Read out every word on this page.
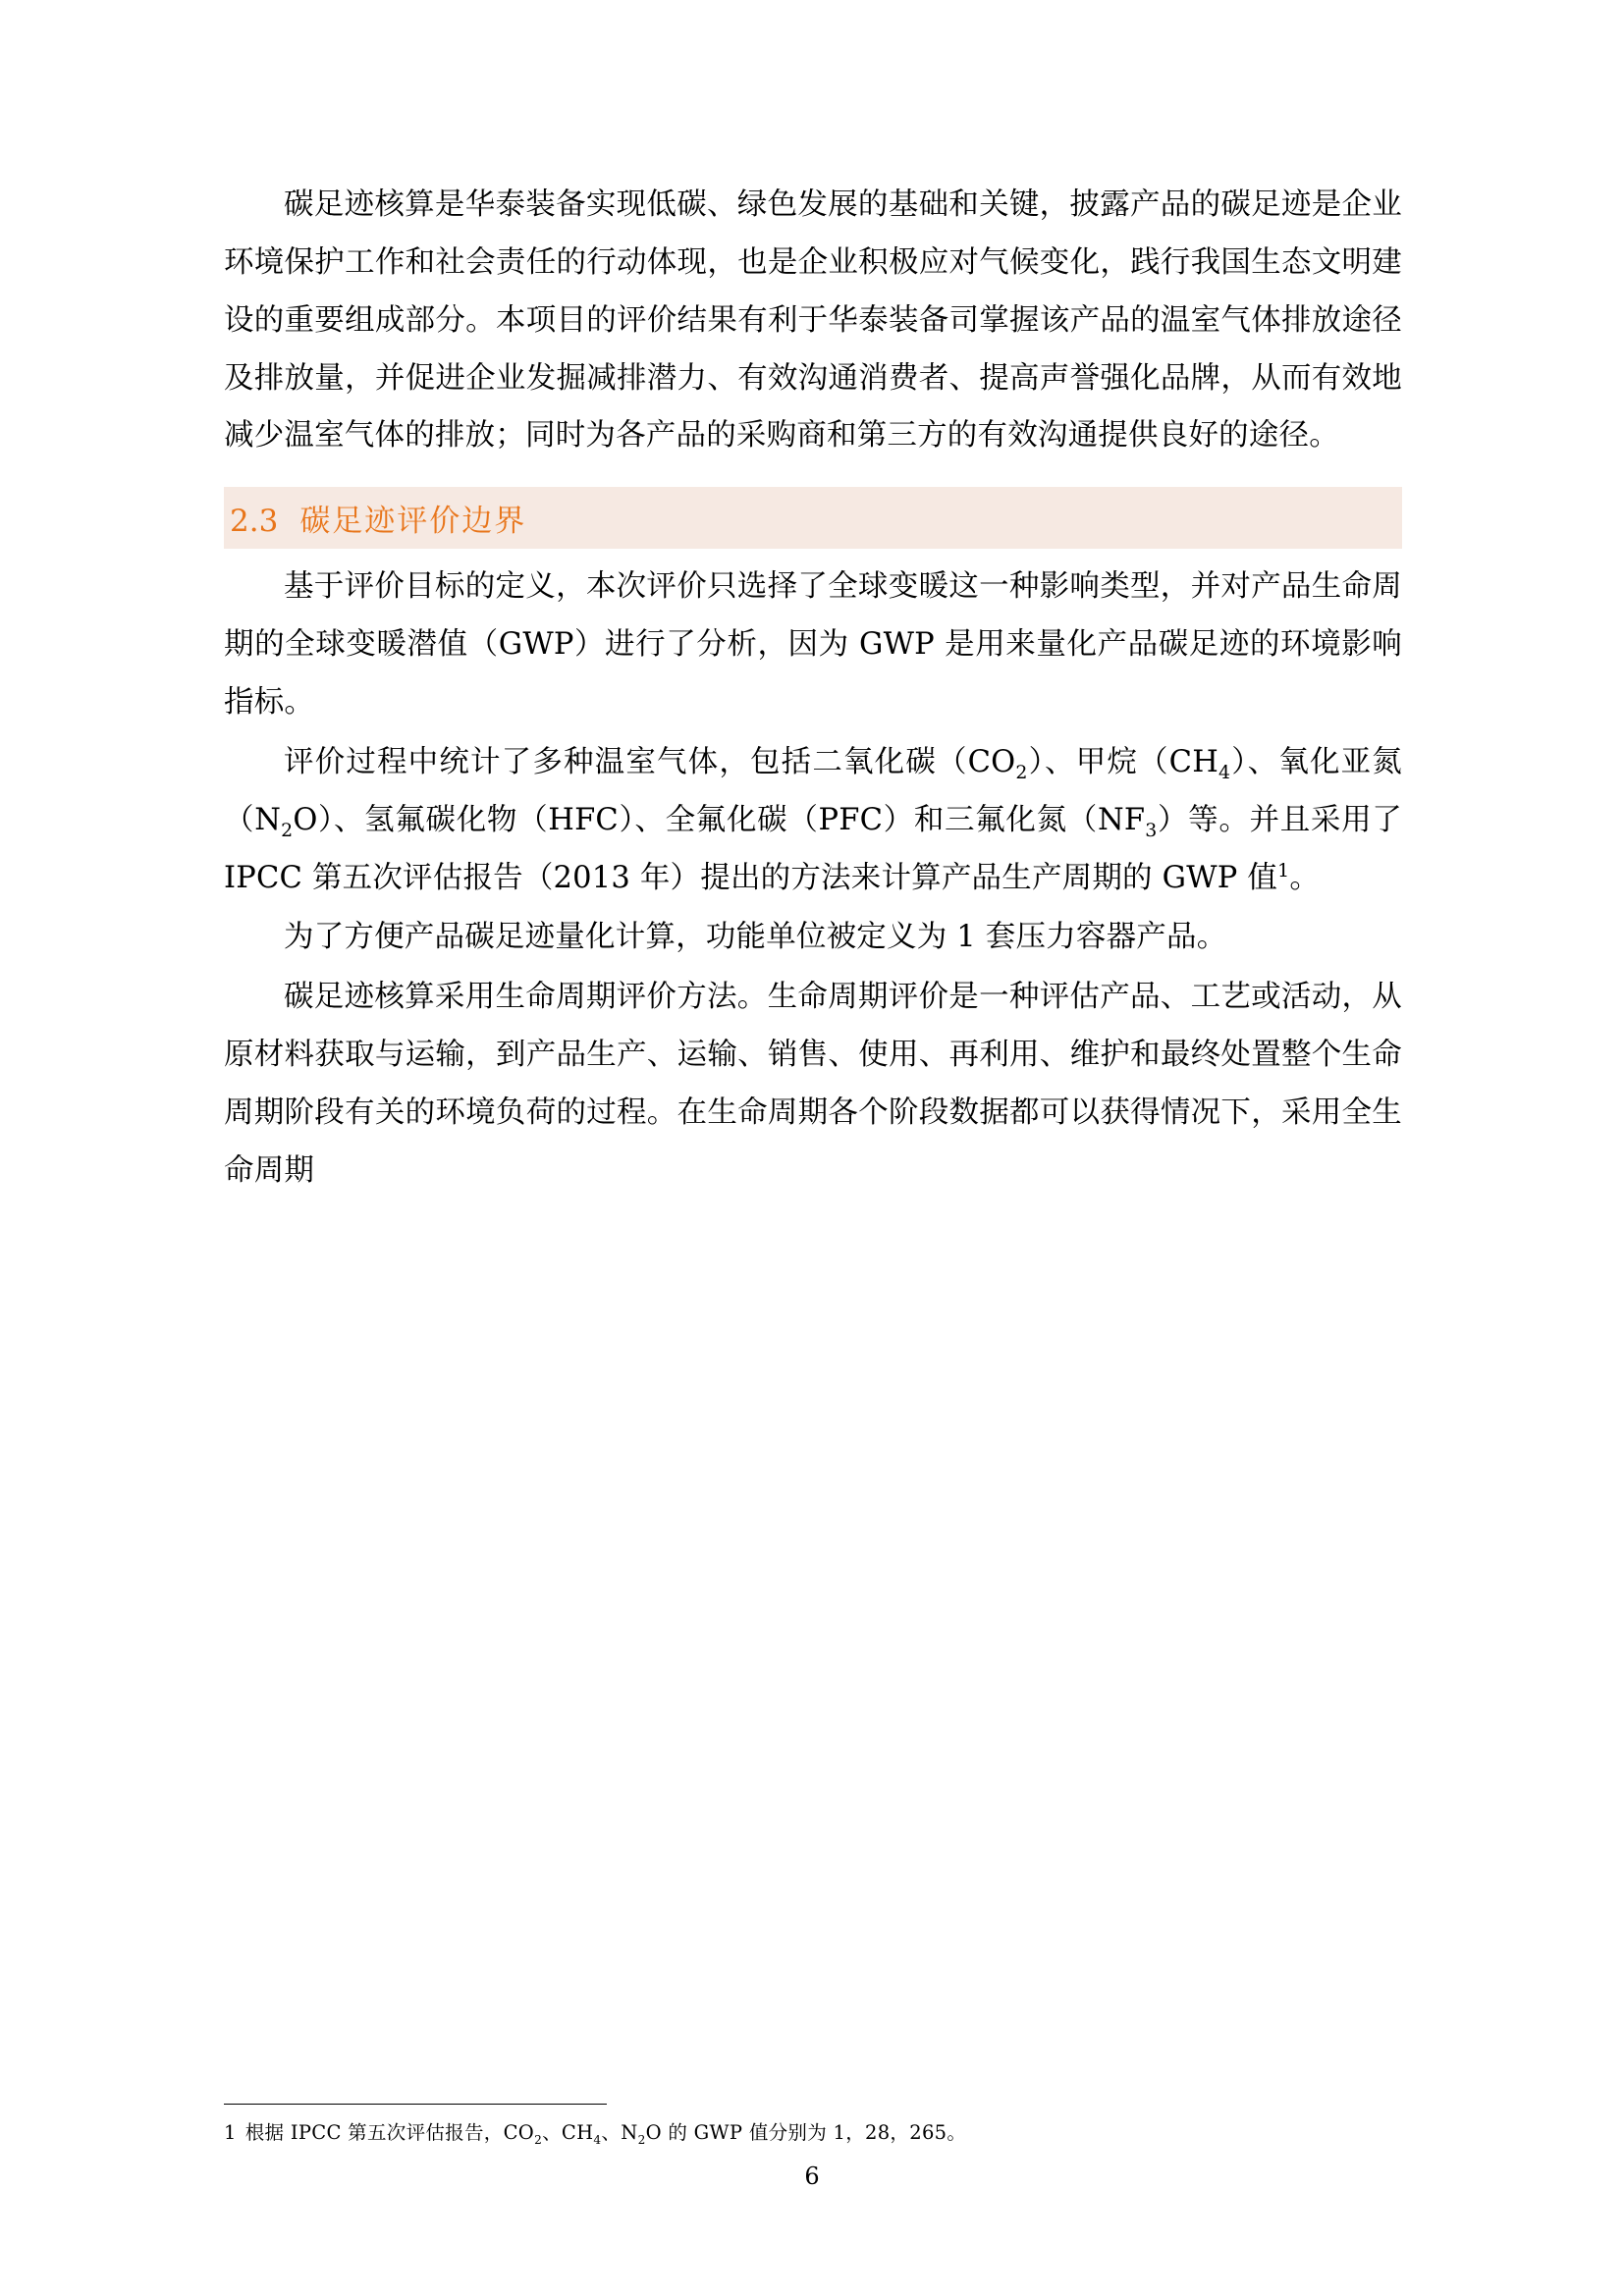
碳足迹核算是华泰装备实现低碳、绿色发展的基础和关键，披露产品的碳足迹是企业环境保护工作和社会责任的行动体现，也是企业积极应对气候变化，践行我国生态文明建设的重要组成部分。本项目的评价结果有利于华泰装备司掌握该产品的温室气体排放途径及排放量，并促进企业发掘减排潜力、有效沟通消费者、提高声誉强化品牌，从而有效地减少温室气体的排放；同时为各产品的采购商和第三方的有效沟通提供良好的途径。

2.3 碳足迹评价边界

基于评价目标的定义，本次评价只选择了全球变暖这一种影响类型，并对产品生命周期的全球变暖潜值（GWP）进行了分析，因为 GWP 是用来量化产品碳足迹的环境影响指标。

评价过程中统计了多种温室气体，包括二氧化碳$(CO_2)$、甲烷$(CH_4)$、氧化亚氮$(N_2O)$、氢氟碳化物（HFC）、全氟化碳（PFC）和三氟化氮$(NF_3)$等。并且采用了 IPCC 第五次评估报告（2013 年）提出的方法来计算产品生产周期的 GWP 值$^1$。

为了方便产品碳足迹量化计算，功能单位被定义为 1 套压力容器产品。

碳足迹核算采用生命周期评价方法。生命周期评价是一种评估产品、工艺或活动，从原材料获取与运输，到产品生产、运输、销售、使用、再利用、维护和最终处置整个生命周期阶段有关的环境负荷的过程。在生命周期各个阶段数据都可以获得情况下，采用全生命周期

1 根据 IPCC 第五次评估报告，$CO_2$、$CH_4$、$N_2O$ 的 GWP 值分别为 1，28，265。
6
